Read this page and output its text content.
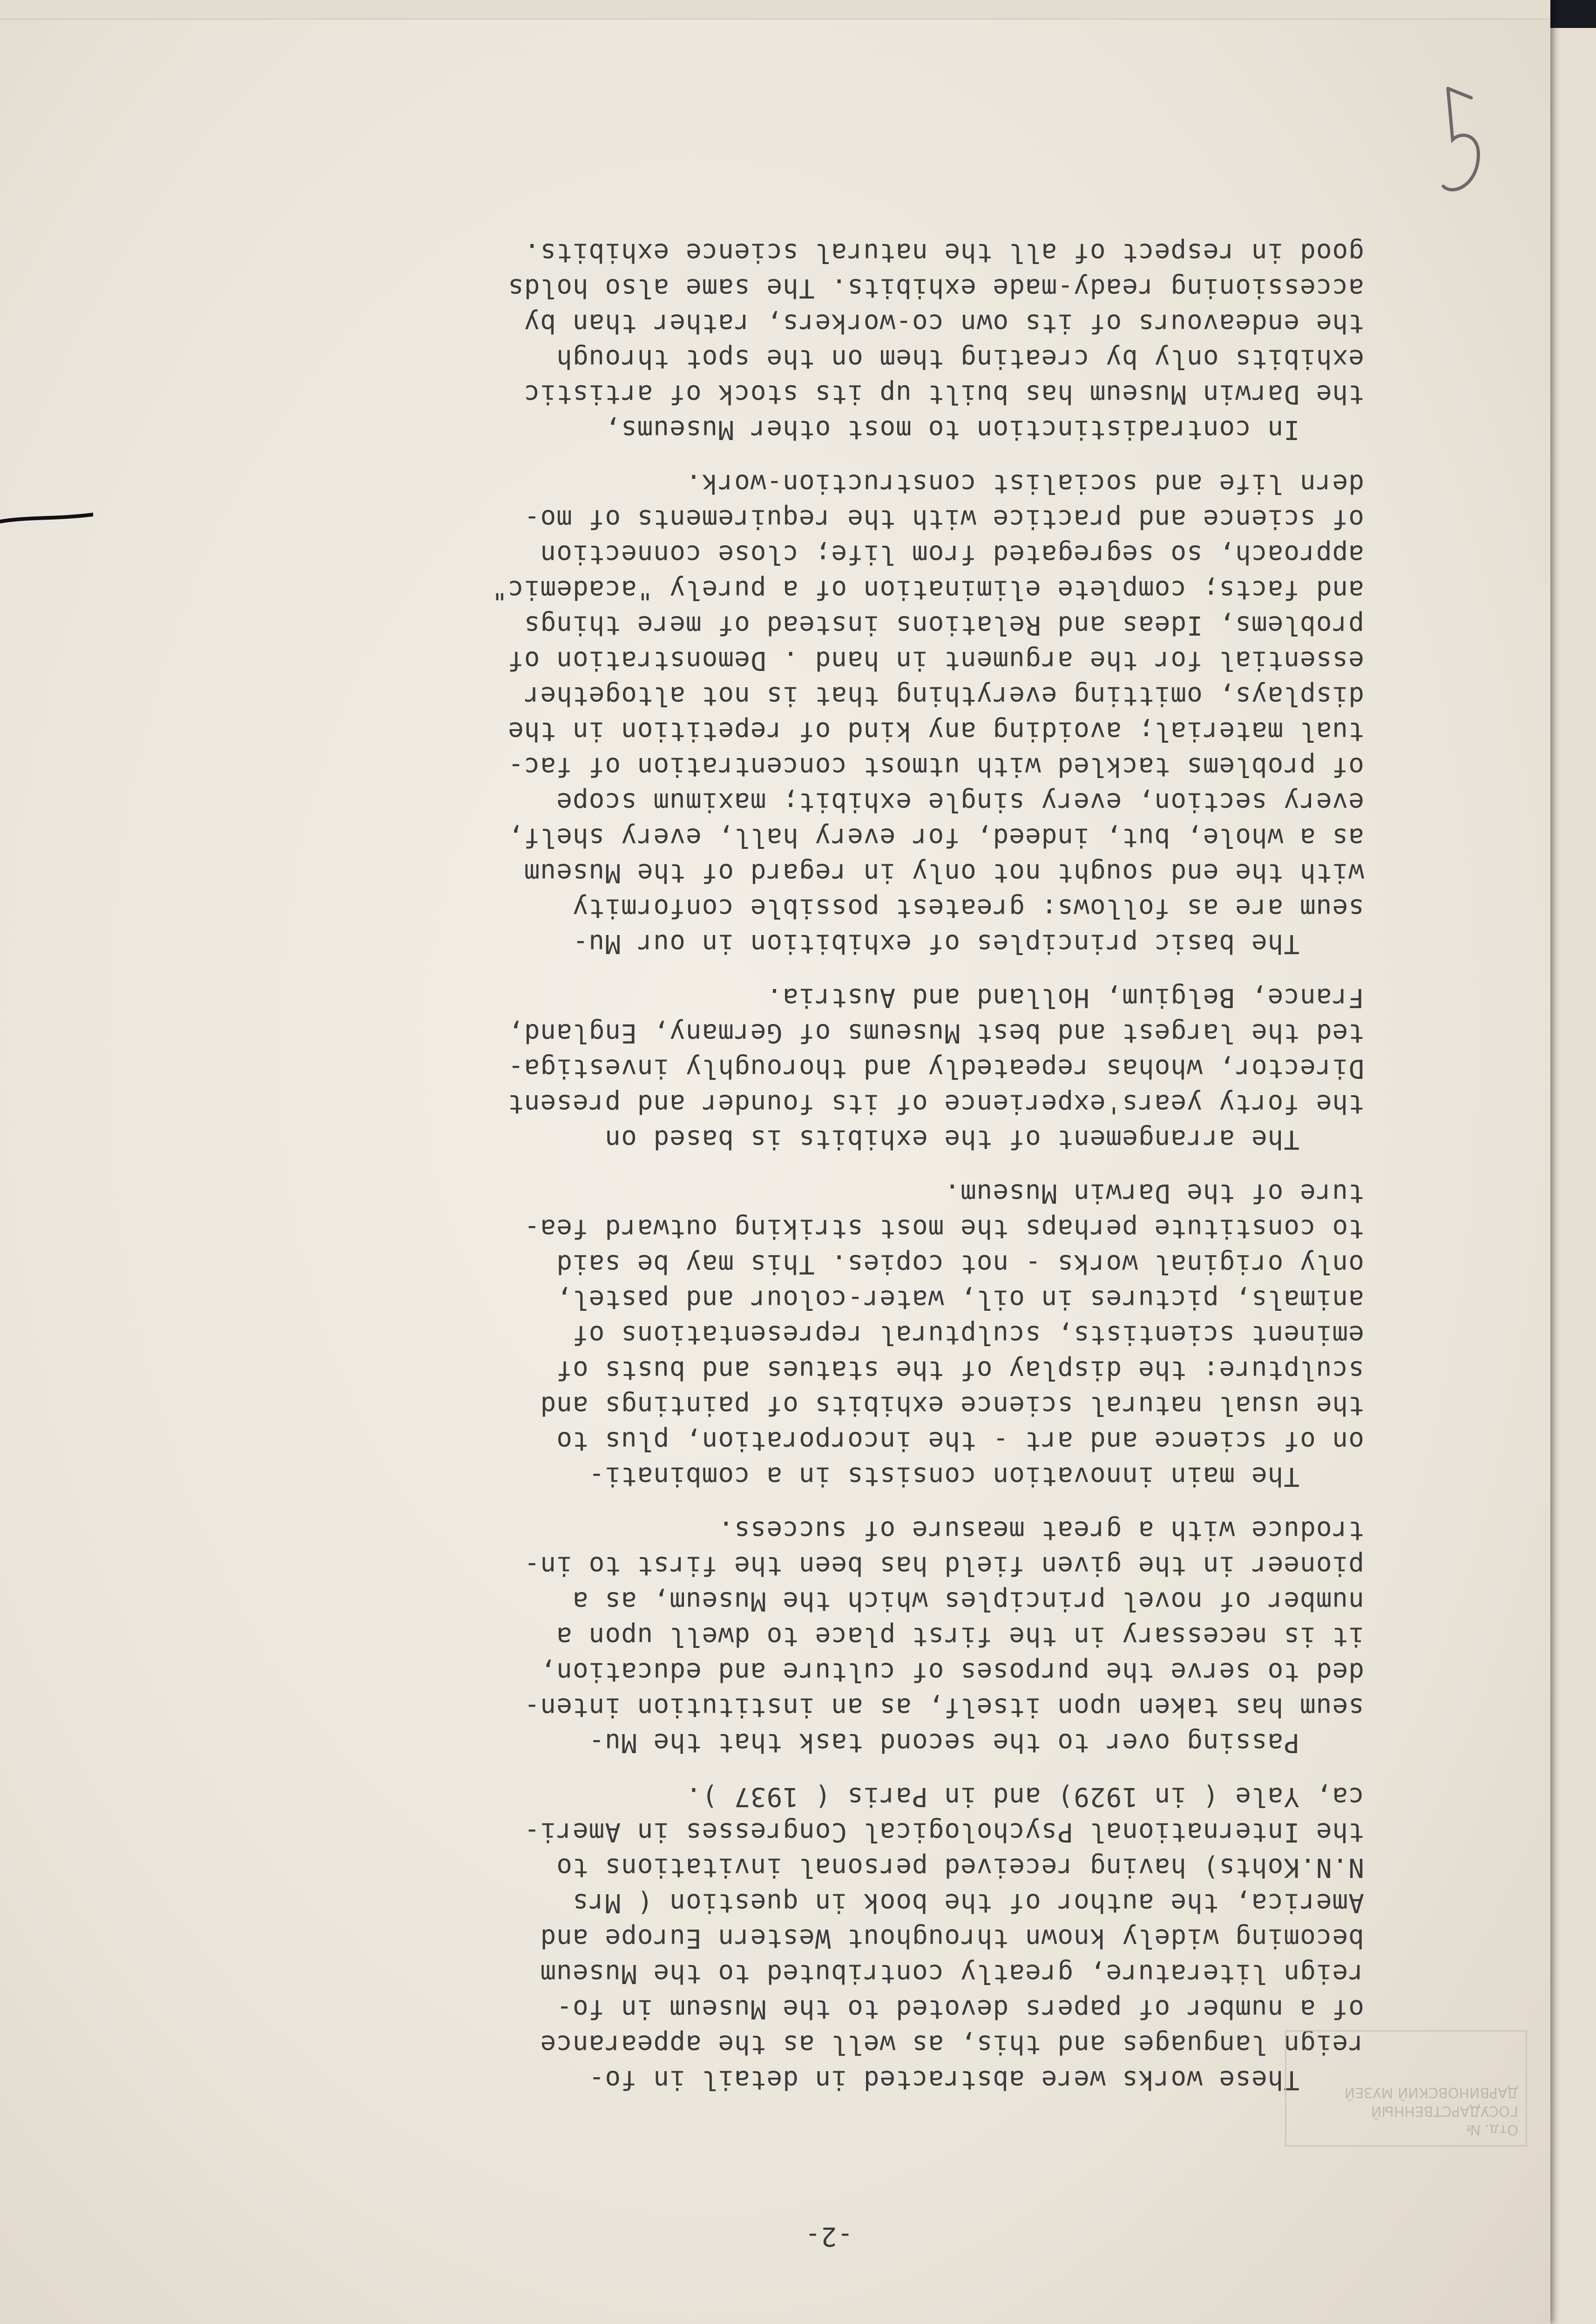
-2-
These works were abstracted in detail in fo-
reign languages and this, as well as the appearance
of a number of papers devoted to the Museum in fo-
reign literature, greatly contributed to the Museum
becoming widely known throughout Western Europe and
America, the author of the book in question ( Mrs
N.N.Kohts) having received personal invitations to
the International Psychological Congresses in Ameri-
ca, Yale ( in 1929) and in Paris ( 1937 ).
Passing over to the second task that the Mu-
seum has taken upon itself, as an institution inten-
ded to serve the purposes of culture and education,
it is necessary in the first place to dwell upon a
number of novel principles which the Museum, as a
pioneer in the given field has been the first to in-
troduce with a great measure of success.
The main innovation consists in a combinati-
on of science and art - the incorporation, plus to
the usual natural science exhibits of paintings and
sculpture: the display of the statues and busts of
eminent scientists, sculptural representations of
animals, pictures in oil, water-colour and pastel,
only original works - not copies. This may be said
to constitute perhaps the most striking outward fea-
ture of the Darwin Museum.
The arrangement of the exhibits is based on
the forty years'experience of its founder and present
Director, whohas repeatedly and thoroughly investiga-
ted the largest and best Museums of Germany, England,
France, Belgium, Holland and Austria.
The basic principles of exhibition in our Mu-
seum are as follows: greatest possible conformity
with the end sought not only in regard of the Museum
as a whole, but, indeed, for every hall, every shelf,
every section, every single exhibit; maximum scope
of problems tackled with utmost concentration of fac-
tual material; avoiding any kind of repetition in the
displays, omitting everything that is not altogether
essential for the argument in hand . Demonstration of
problems, Ideas and Relations instead of mere things
and facts; complete elimination of a purely "academic"
approach, so segregated from life; close connection
of science and practice with the requirements of mo-
dern life and socialist construction-work.
In contradistinction to most other Museums,
the Darwin Museum has built up its stock of artistic
exhibits only by creating them on the spot through
the endeavours of its own co-workers, rather than by
accessioning ready-made exhibits. The same also holds
good in respect of all the natural science exhibits.
Отд. №
ГОСУДАРСТВЕННЫЙ
ДАРВИНОВСКИЙ МУЗЕЙ
